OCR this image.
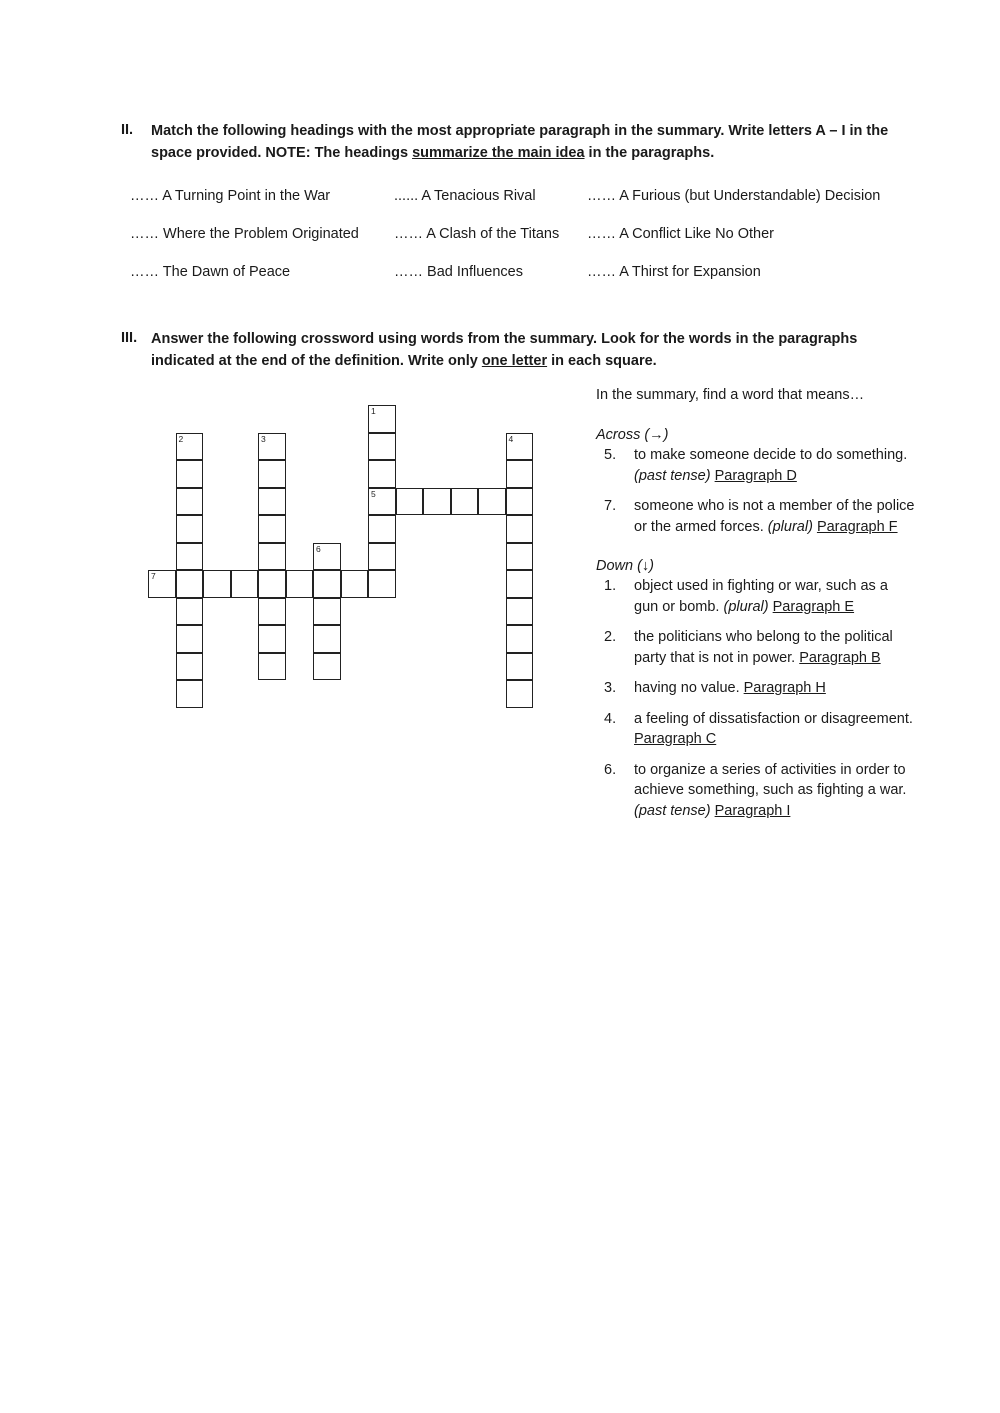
II. Match the following headings with the most appropriate paragraph in the summary. Write letters A – I in the space provided. NOTE: The headings summarize the main idea in the paragraphs.
…… A Turning Point in the War	...... A Tenacious Rival	…… A Furious (but Understandable) Decision
…… Where the Problem Originated …… A Clash of the Titans …… A Conflict Like No Other
…… The Dawn of Peace	…… Bad Influences	…… A Thirst for Expansion
III. Answer the following crossword using words from the summary. Look for the words in the paragraphs indicated at the end of the definition. Write only one letter in each square.
1
5
2	3	4
6
7

In the summary, find a word that means…

Across (→)

5.	to make someone decide to do something. (past tense) Paragraph D
7.	someone who is not a member of the police or the armed forces. (plural) Paragraph F

Down (↓)

1.	object used in fighting or war, such as a gun or bomb. (plural) Paragraph E
2.	the politicians who belong to the political party that is not in power. Paragraph B
3.	having no value. Paragraph H
4.	a feeling of dissatisfaction or disagreement. Paragraph C
6.	to organize a series of activities in order to achieve something, such as fighting a war. (past tense) Paragraph I
